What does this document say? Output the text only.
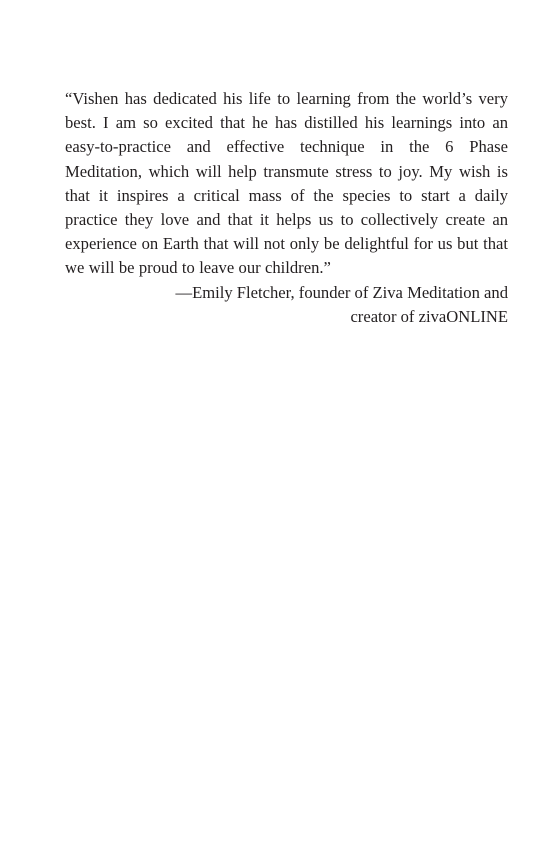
“Vishen has dedicated his life to learning from the world’s very best. I am so excited that he has distilled his learnings into an easy-to-practice and effective technique in the 6 Phase Meditation, which will help transmute stress to joy. My wish is that it inspires a critical mass of the species to start a daily practice they love and that it helps us to collectively create an experience on Earth that will not only be delightful for us but that we will be proud to leave our children.”

—Emily Fletcher, founder of Ziva Meditation and
creator of zivaONLINE
